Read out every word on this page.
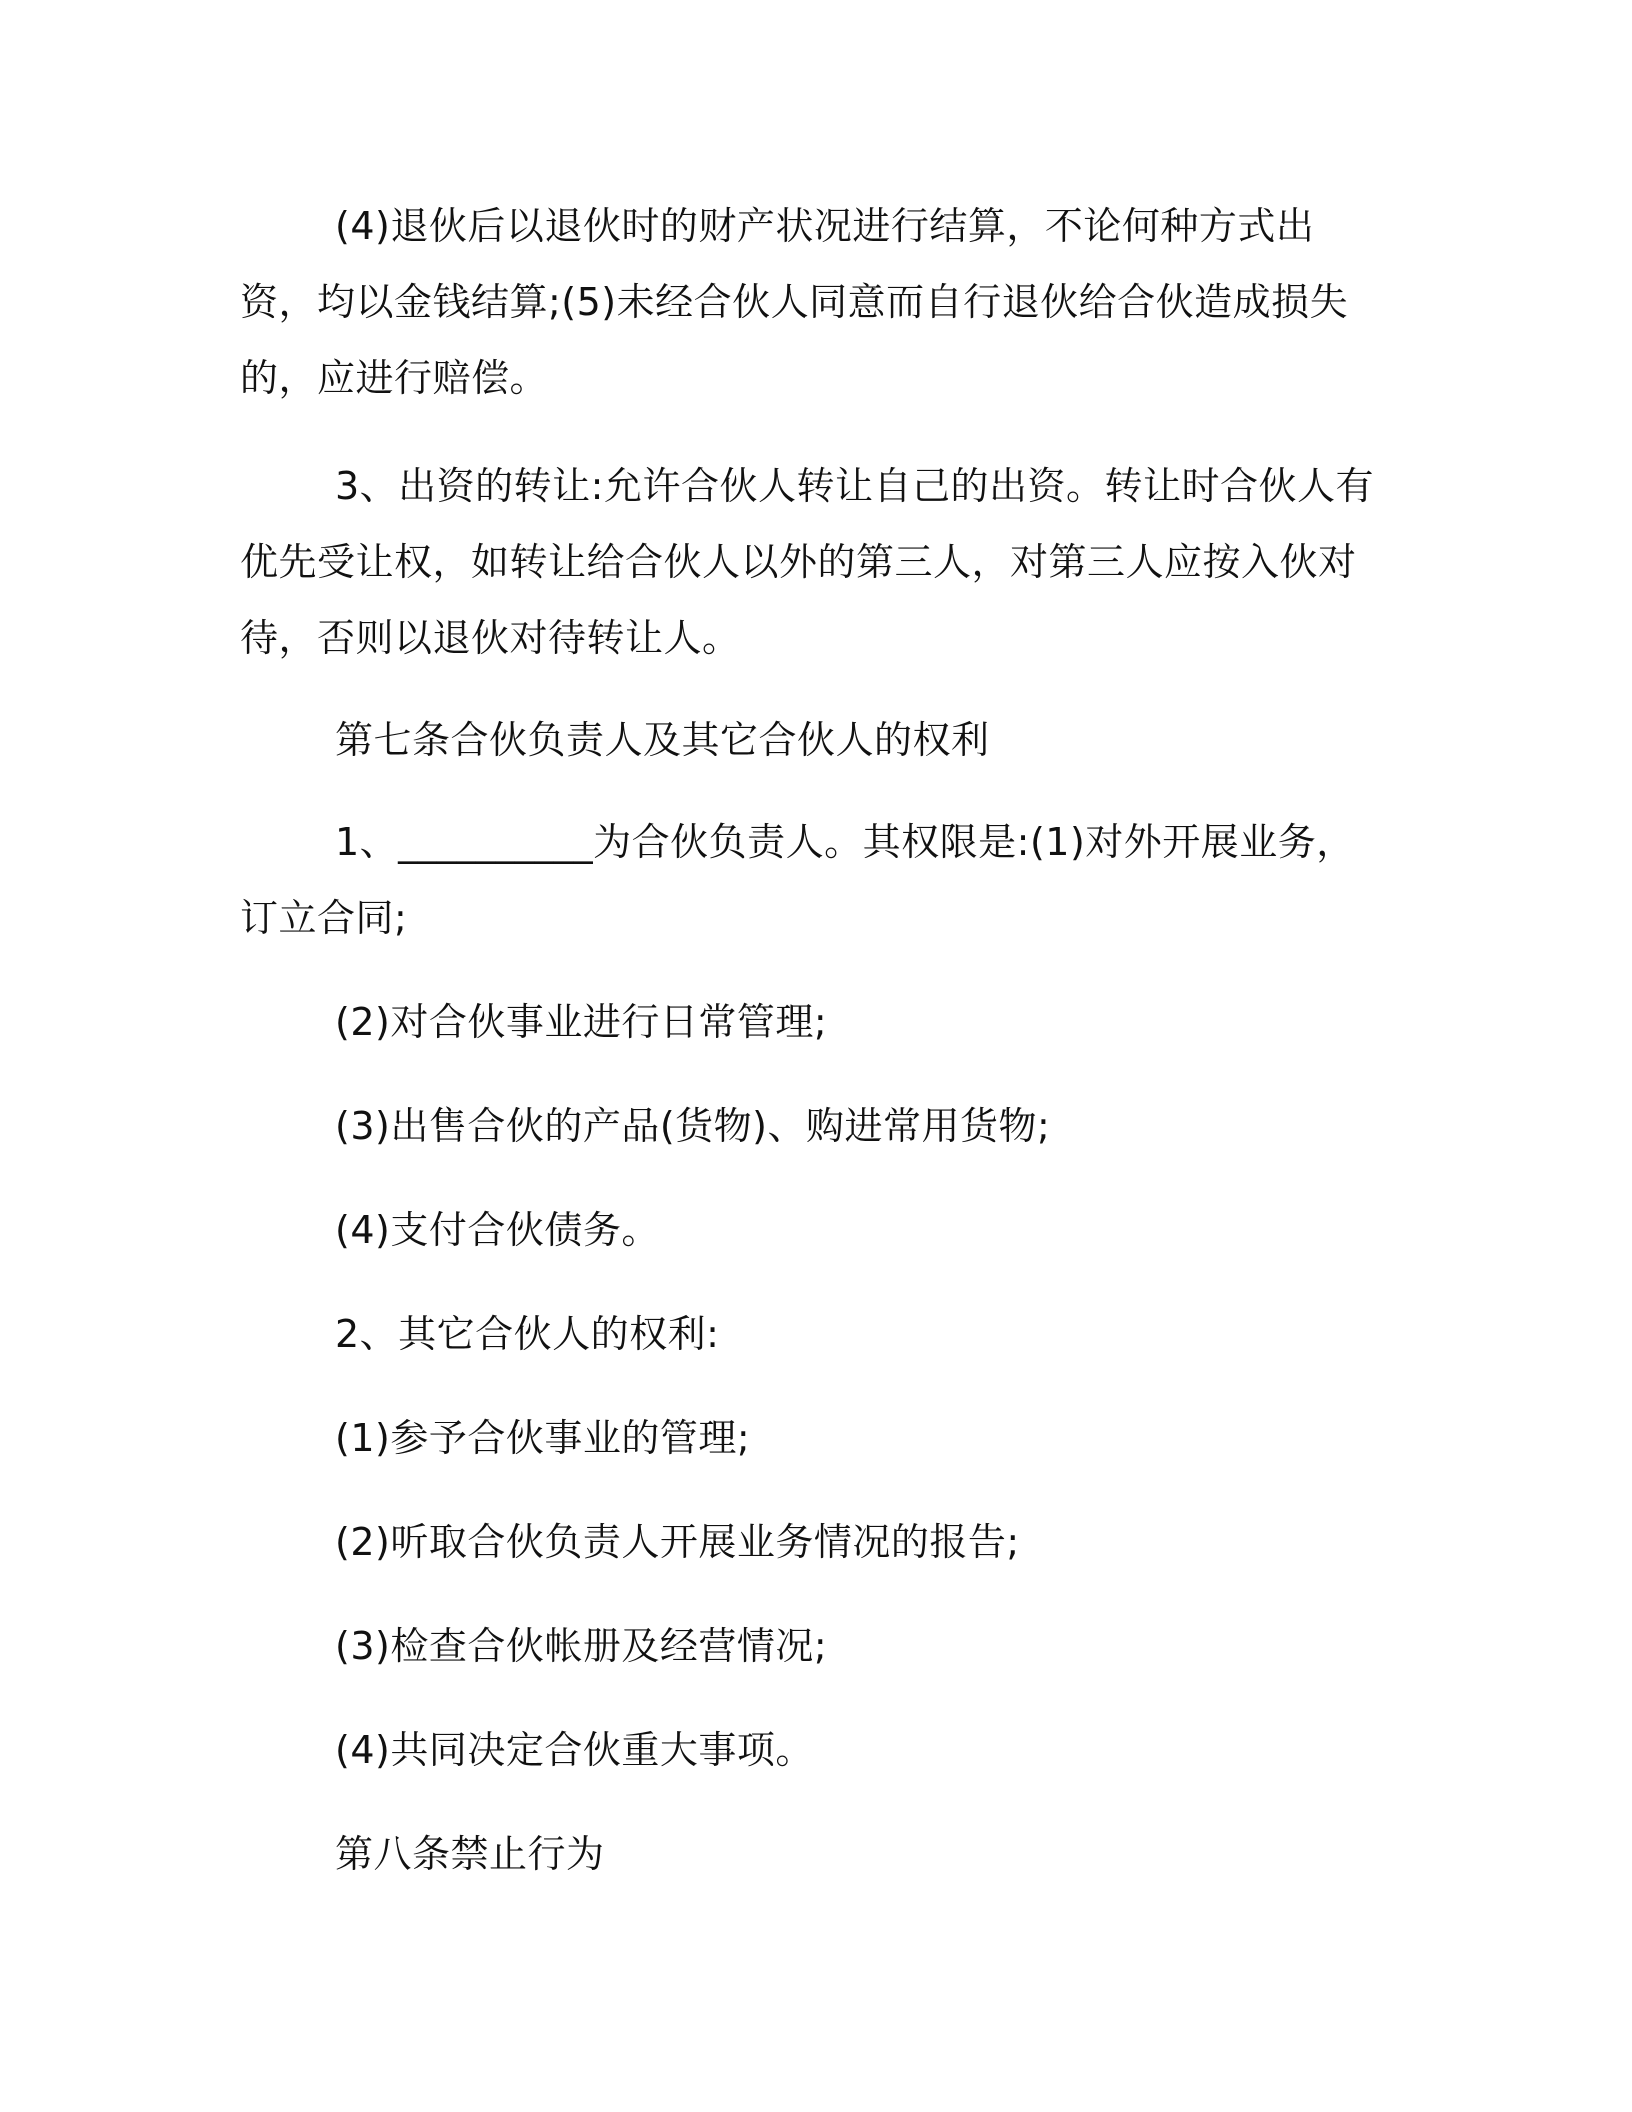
(4)退伙后以退伙时的财产状况进行结算，不论何种方式出资，均以金钱结算;(5)未经合伙人同意而自行退伙给合伙造成损失的，应进行赔偿。

3、出资的转让:允许合伙人转让自己的出资。转让时合伙人有优先受让权，如转让给合伙人以外的第三人，对第三人应按入伙对待，否则以退伙对待转让人。

第七条合伙负责人及其它合伙人的权利

1、__________为合伙负责人。其权限是:(1)对外开展业务，订立合同;

(2)对合伙事业进行日常管理;

(3)出售合伙的产品(货物)、购进常用货物;

(4)支付合伙债务。

2、其它合伙人的权利:

(1)参予合伙事业的管理;

(2)听取合伙负责人开展业务情况的报告;

(3)检查合伙帐册及经营情况;

(4)共同决定合伙重大事项。

第八条禁止行为
